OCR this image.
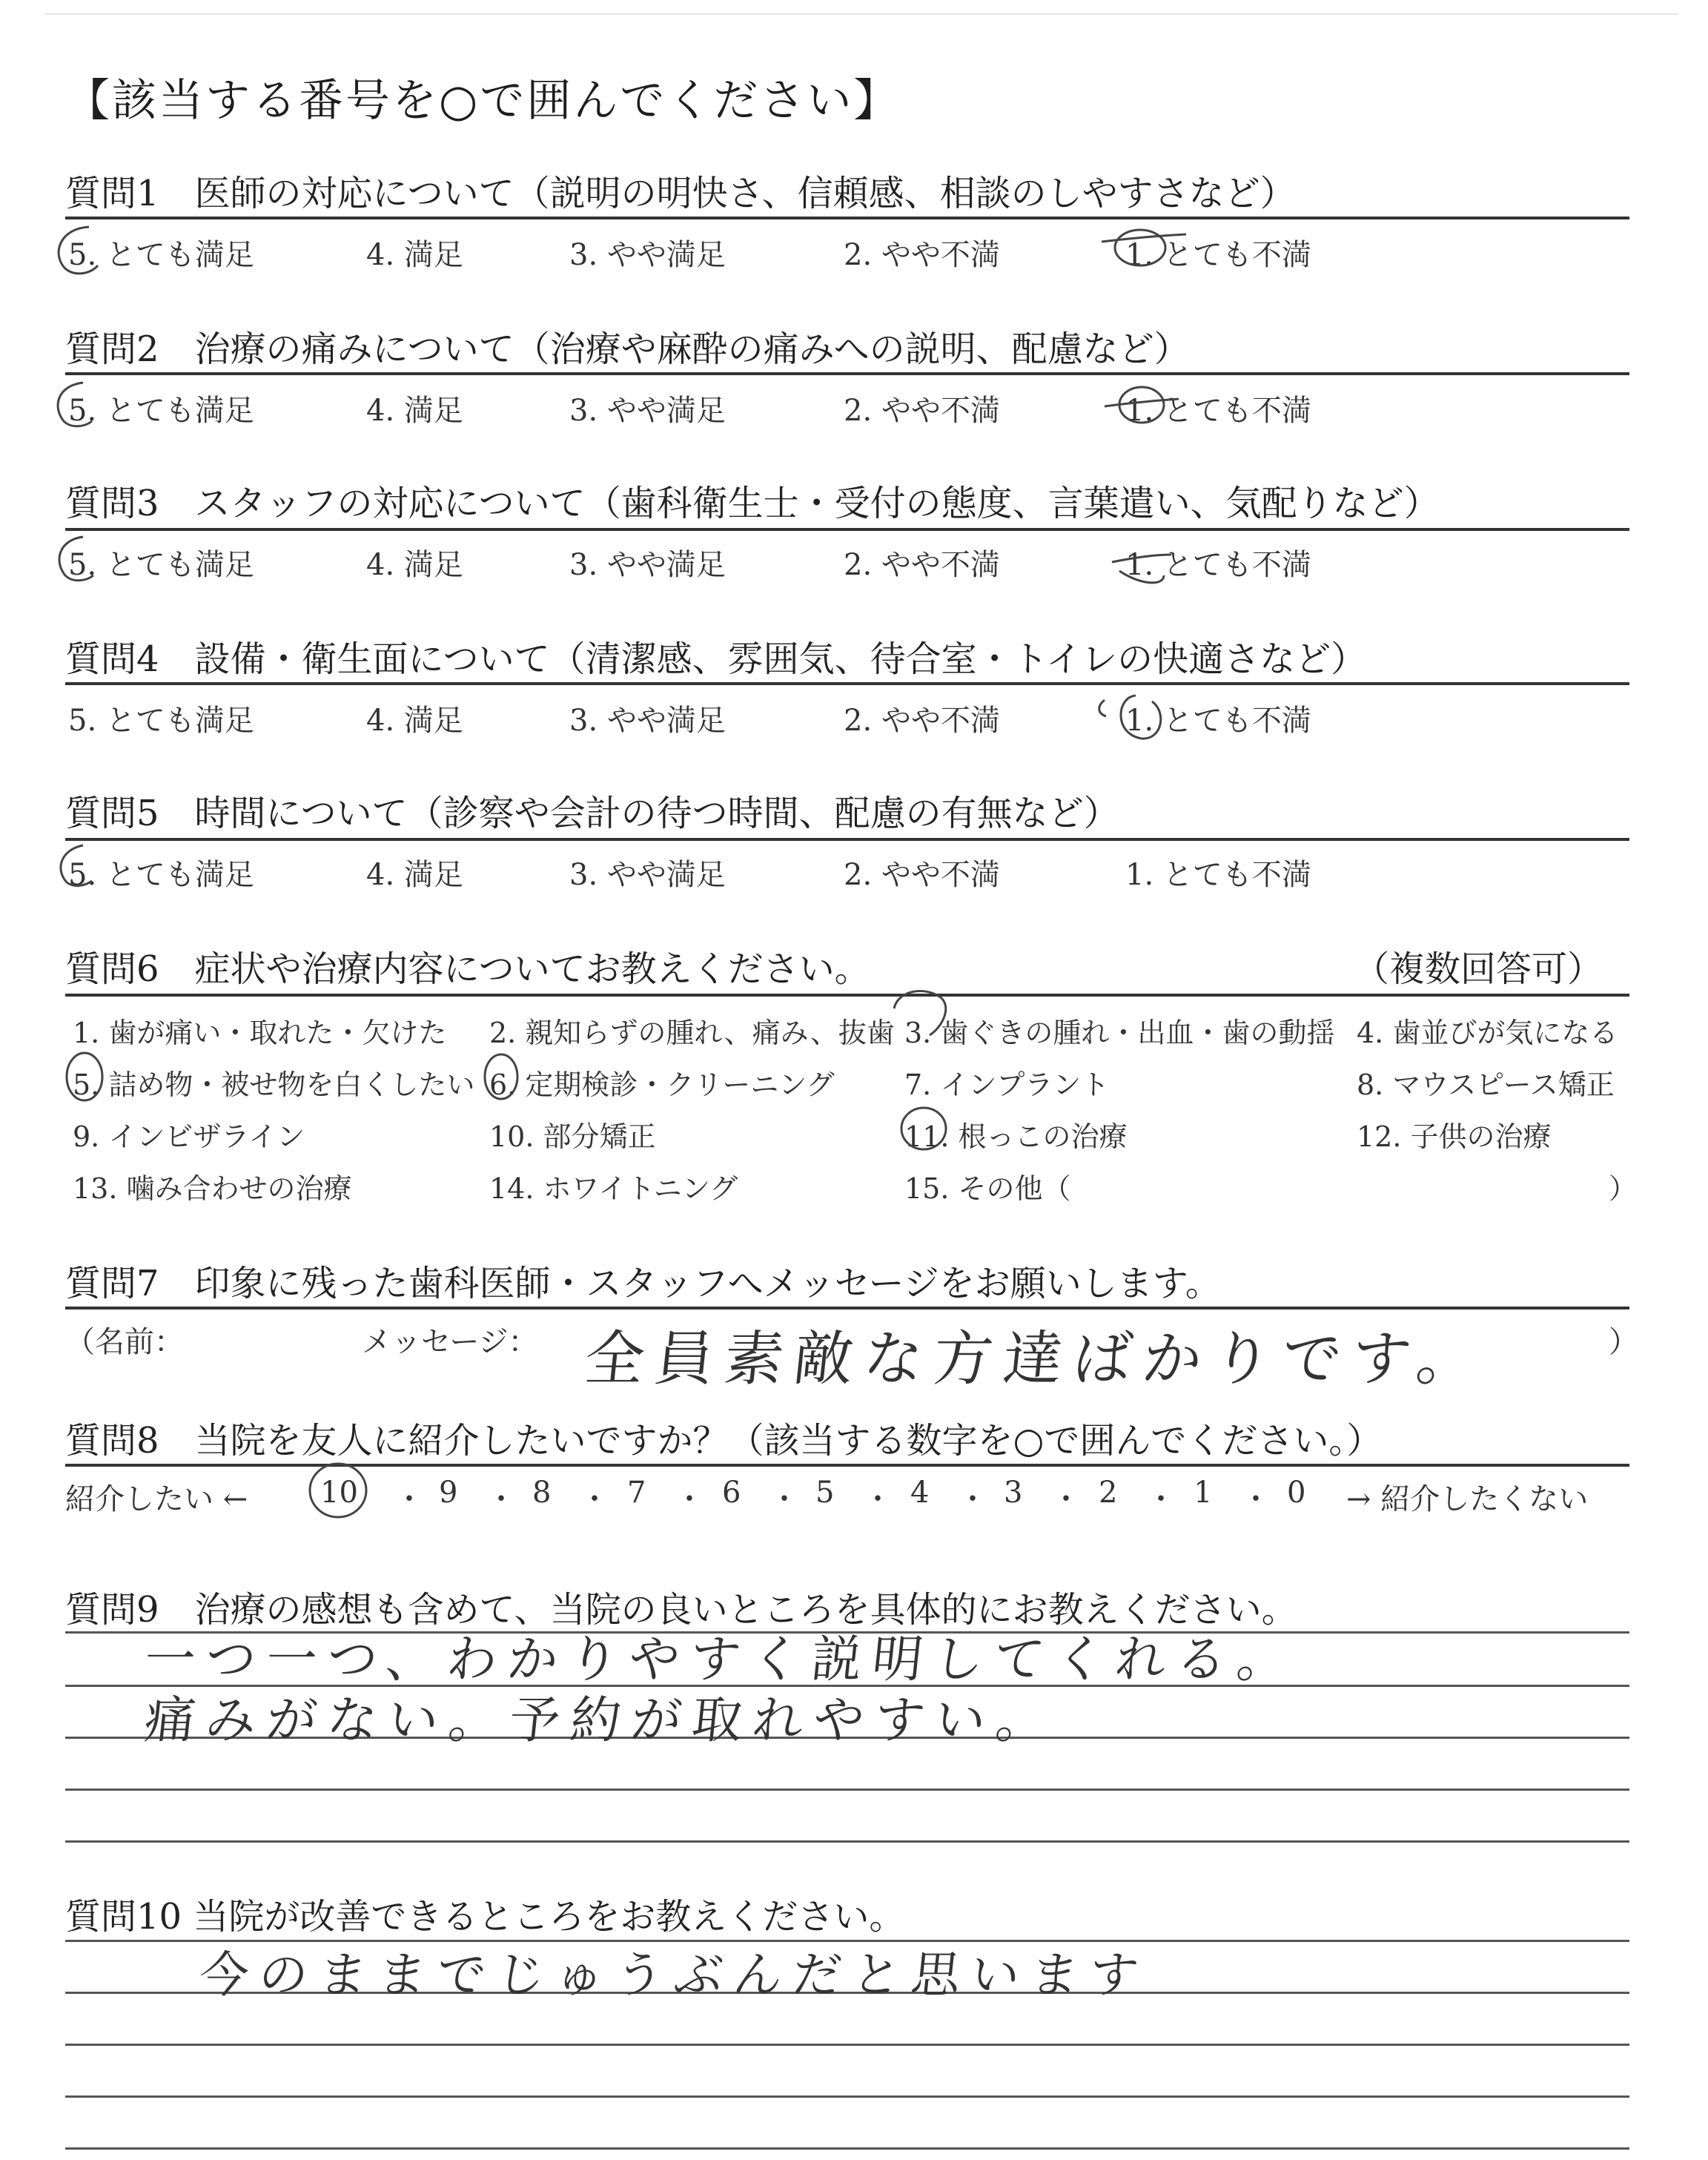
【該当する番号を○で囲んでください】
質問1　医師の対応について（説明の明快さ、信頼感、相談のしやすさなど）
5. とても満足	4. 満足	3. やや満足	2. やや不満	1. とても不満
質問2　治療の痛みについて（治療や麻酔の痛みへの説明、配慮など）
5. とても満足	4. 満足	3. やや満足	2. やや不満	1. とても不満
質問3　スタッフの対応について（歯科衛生士・受付の態度、言葉遣い、気配りなど）
5. とても満足	4. 満足	3. やや満足	2. やや不満	1. とても不満
質問4　設備・衛生面について（清潔感、雰囲気、待合室・トイレの快適さなど）
5. とても満足	4. 満足	3. やや満足	2. やや不満	1. とても不満
質問5　時間について（診察や会計の待つ時間、配慮の有無など）
5. とても満足	4. 満足	3. やや満足	2. やや不満	1. とても不満
質問6　症状や治療内容についてお教えください。	（複数回答可）
1. 歯が痛い・取れた・欠けた 2. 親知らずの腫れ、痛み、抜歯 3. 歯ぐきの腫れ・出血・歯の動揺 4. 歯並びが気になる
5. 詰め物・被せ物を白くしたい 6. 定期検診・クリーニング 7. インプラント	8. マウスピース矯正
9. インビザライン	10. 部分矯正	11. 根っこの治療	12. 子供の治療
13. 噛み合わせの治療	14. ホワイトニング	15. その他（	）
質問7　印象に残った歯科医師・スタッフへメッセージをお願いします。
（名前：	メッセージ： 全員素敵な方達ばかりです。	）
質問8　当院を友人に紹介したいですか？（該当する数字を○で囲んでください。）
紹介したい ← 10 ・ 9 ・ 8 ・ 7 ・ 6 ・ 5 ・ 4 ・ 3 ・ 2 ・ 1 ・ 0 → 紹介したくない
質問9　治療の感想も含めて、当院の良いところを具体的にお教えください。
一つ一つ、わかりやすく説明してくれる。
痛みがない。予約が取れやすい。
質問10 当院が改善できるところをお教えください。
今のままでじゅうぶんだと思います
